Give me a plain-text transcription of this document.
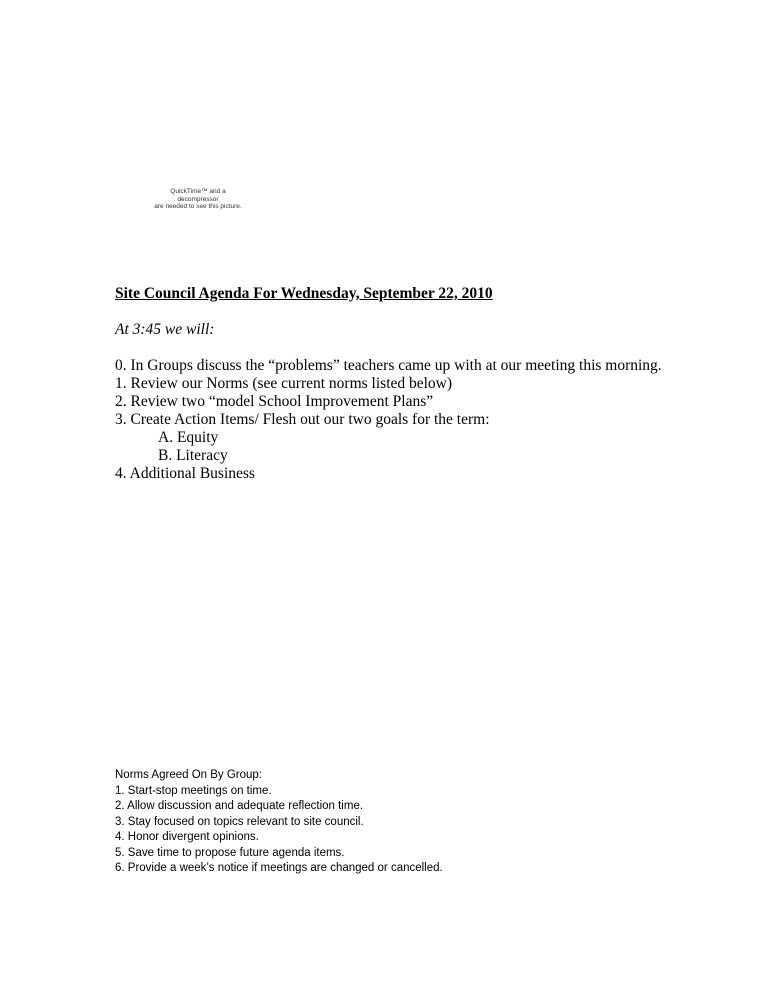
QuickTime™ and a
decompressor
are needed to see this picture.
Site Council Agenda For Wednesday, September 22, 2010
At 3:45 we will:
0. In Groups discuss the “problems” teachers came up with at our meeting this morning.
1. Review our Norms (see current norms listed below)
2. Review two “model School Improvement Plans”
3. Create Action Items/ Flesh out our two goals for the term:
A. Equity
B. Literacy
4. Additional Business
Norms Agreed On By Group:
1. Start-stop meetings on time.
2. Allow discussion and adequate reflection time.
3. Stay focused on topics relevant to site council.
4. Honor divergent opinions.
5. Save time to propose future agenda items.
6. Provide a week’s notice if meetings are changed or cancelled.
